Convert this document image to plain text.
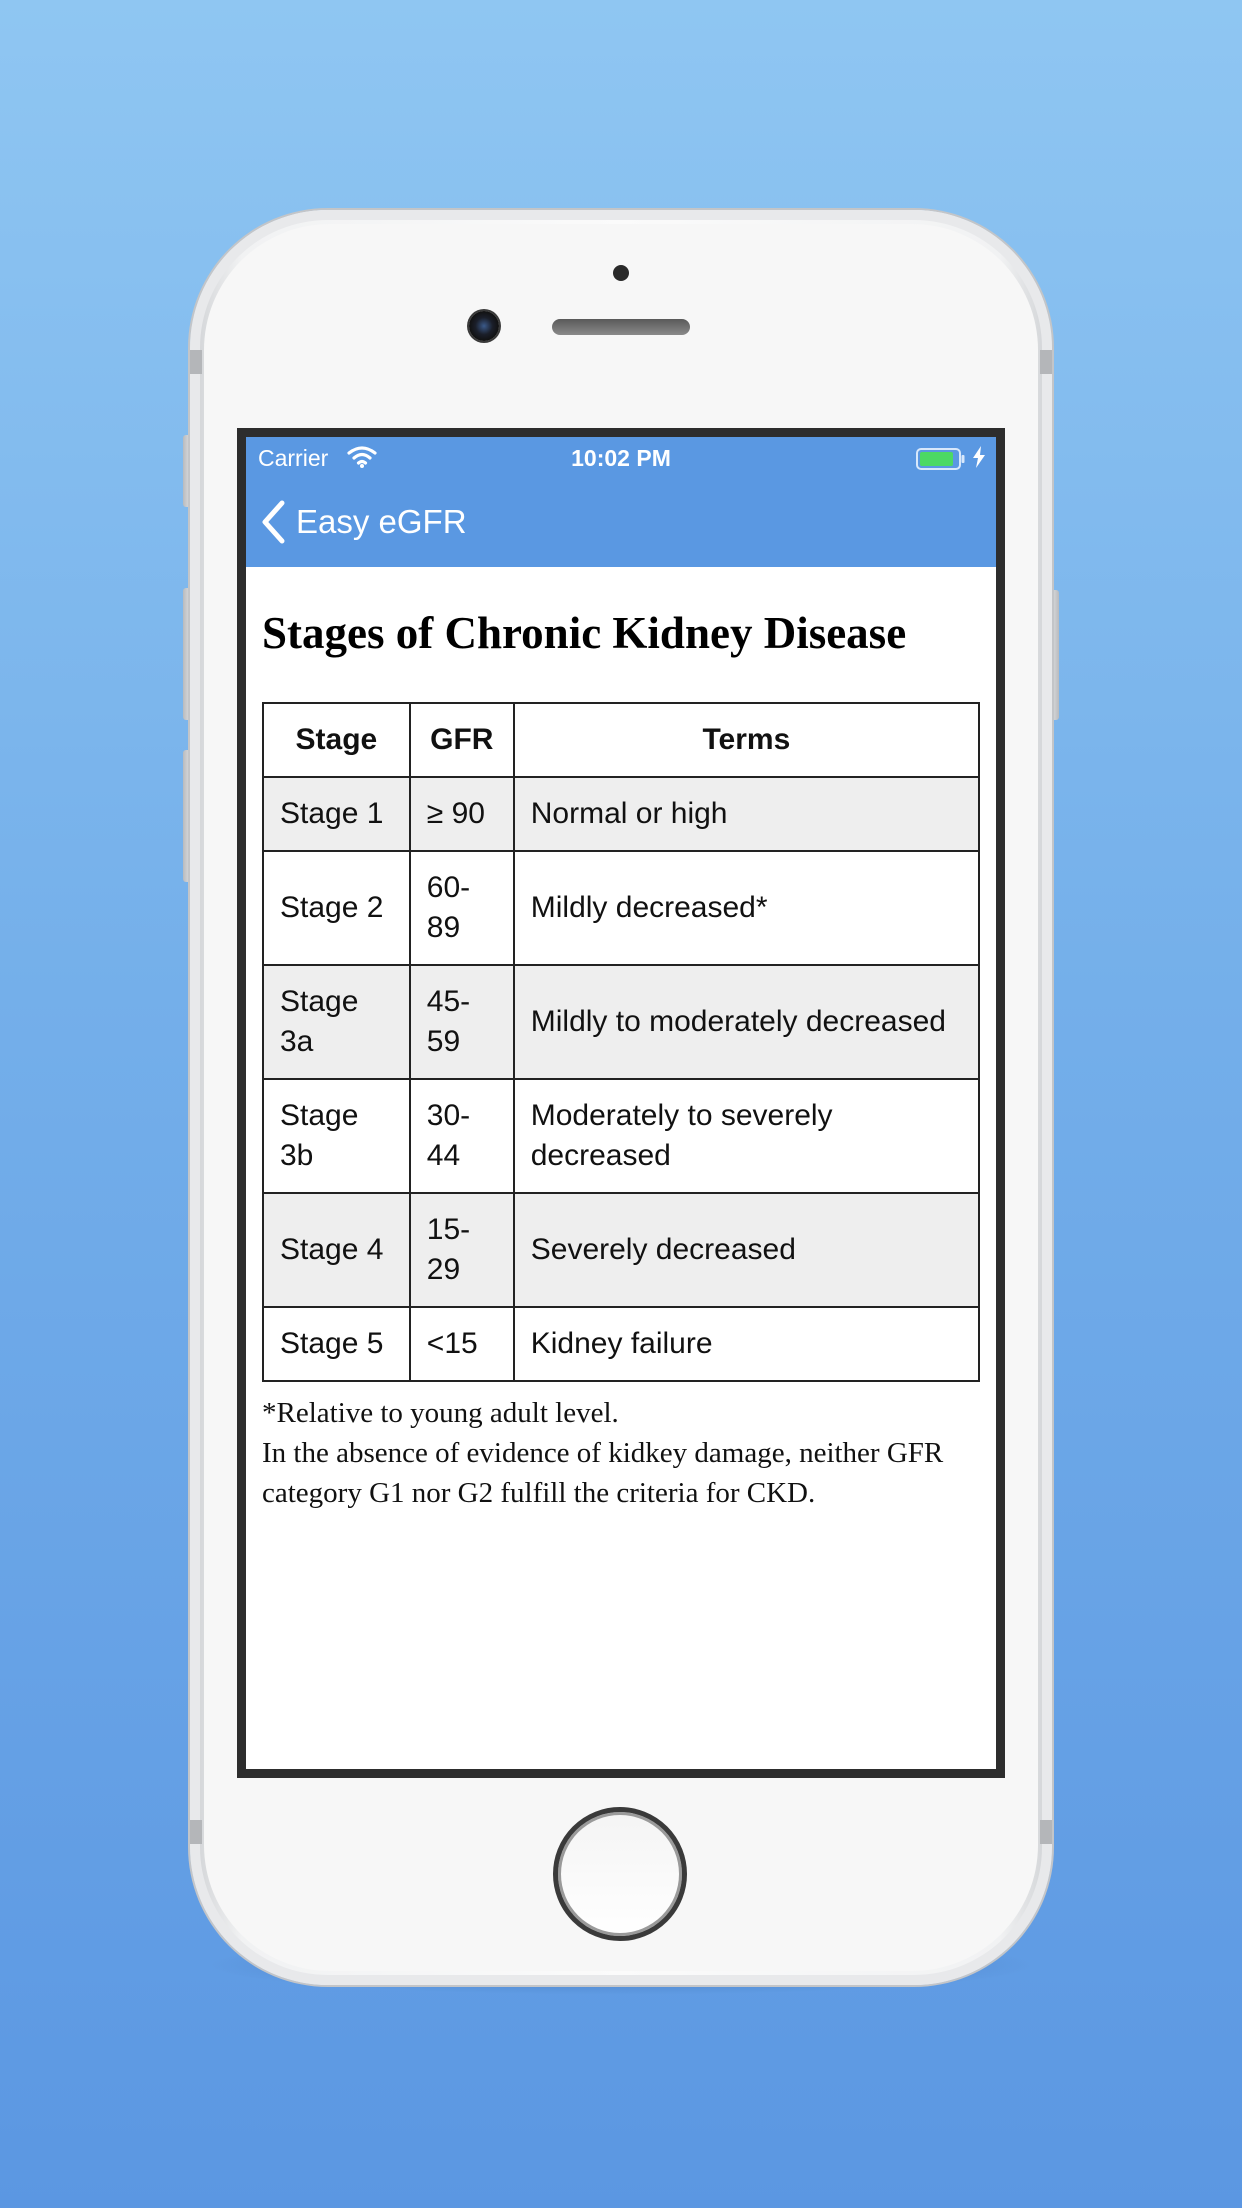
Carrier	10:02 PM
Easy eGFR
Stages of Chronic Kidney Disease
Stage	GFR	Terms
Stage 1	≥ 90	Normal or high
Stage 2	60-89	Mildly decreased*
Stage 3a	45-59	Mildly to moderately decreased
Stage 3b	30-44	Moderately to severely decreased
Stage 4	15-29	Severely decreased
Stage 5	<15	Kidney failure

*Relative to young adult level.

In the absence of evidence of kidkey damage, neither GFR category G1 nor G2 fulfill the criteria for CKD.
